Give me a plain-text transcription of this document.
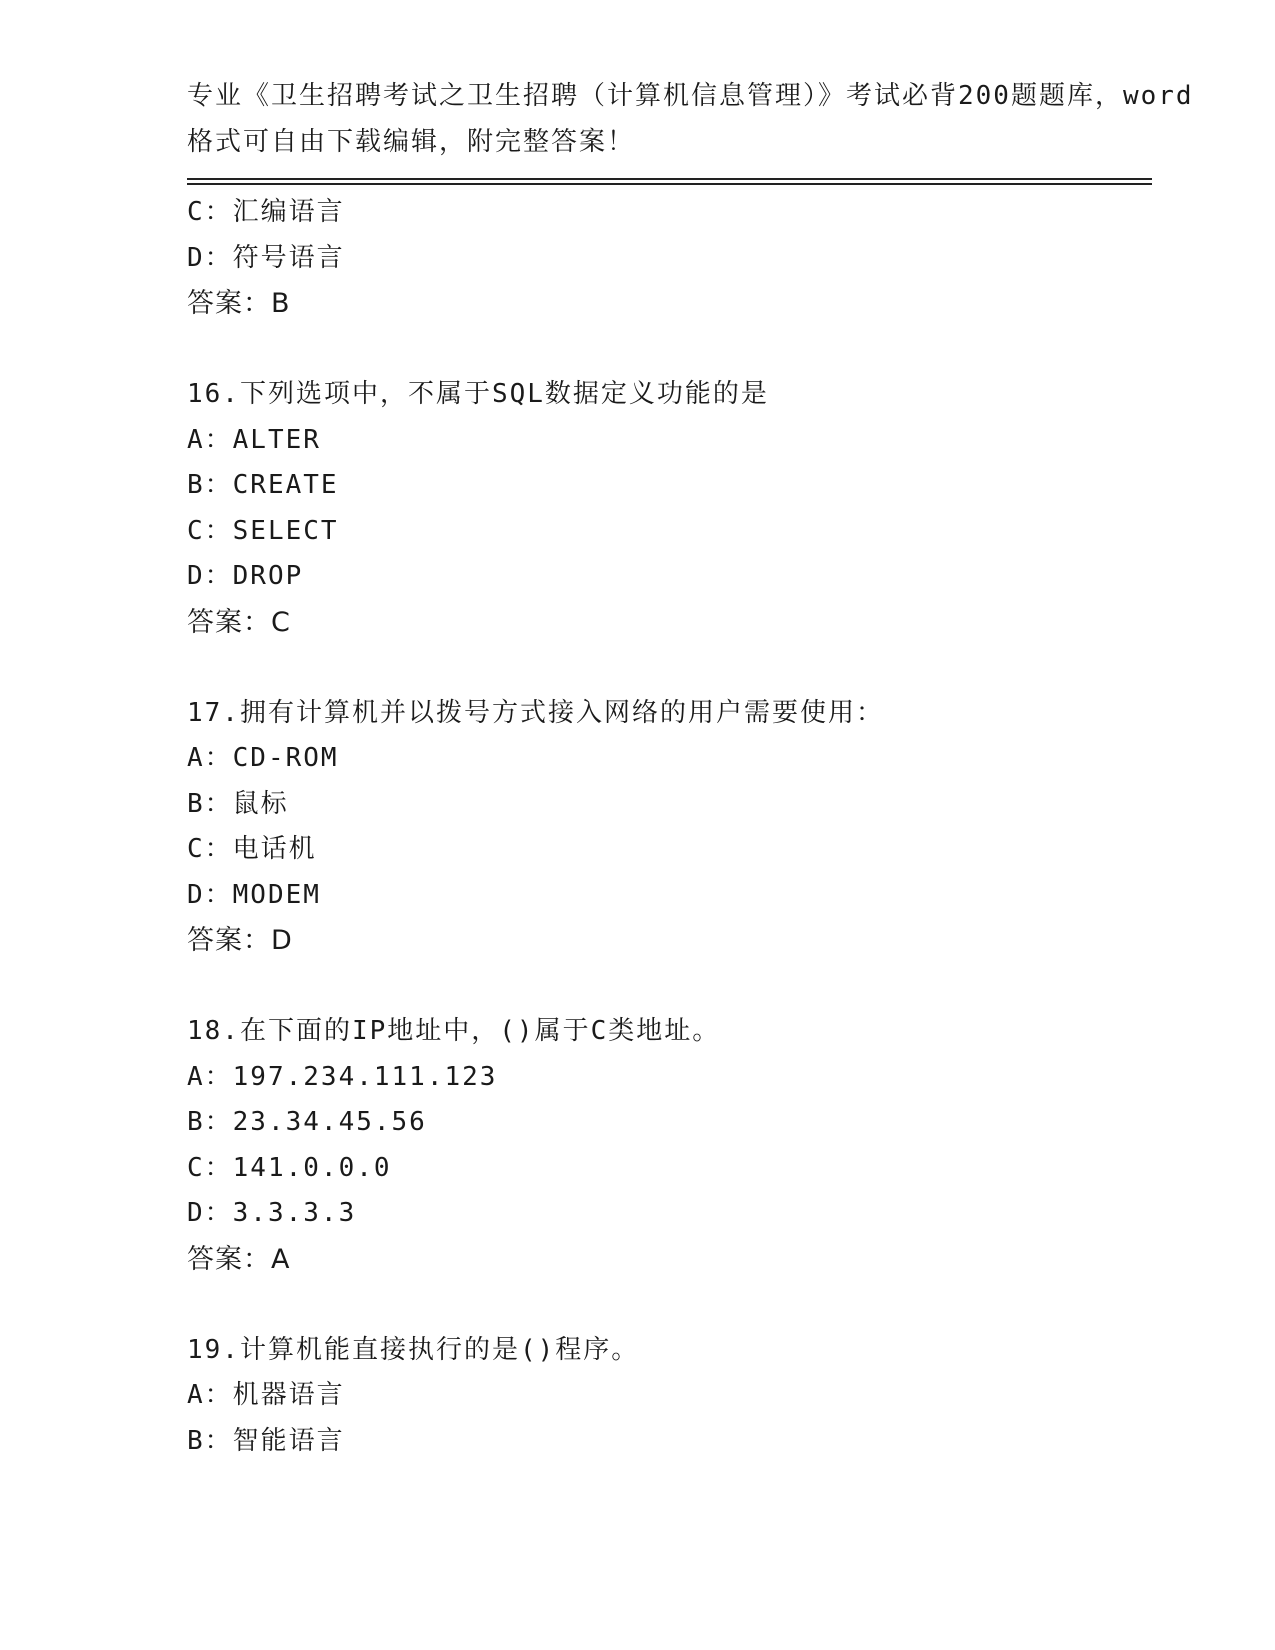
专业《卫生招聘考试之卫生招聘（计算机信息管理）》考试必背200题题库，word
格式可自由下载编辑，附完整答案！
C：汇编语言
D：符号语言
答案：B
16.下列选项中，不属于SQL数据定义功能的是
A：ALTER
B：CREATE
C：SELECT
D：DROP
答案：C
17.拥有计算机并以拨号方式接入网络的用户需要使用：
A：CD-ROM
B：鼠标
C：电话机
D：MODEM
答案：D
18.在下面的IP地址中，()属于C类地址。
A：197.234.111.123
B：23.34.45.56
C：141.0.0.0
D：3.3.3.3
答案：A
19.计算机能直接执行的是()程序。
A：机器语言
B：智能语言
